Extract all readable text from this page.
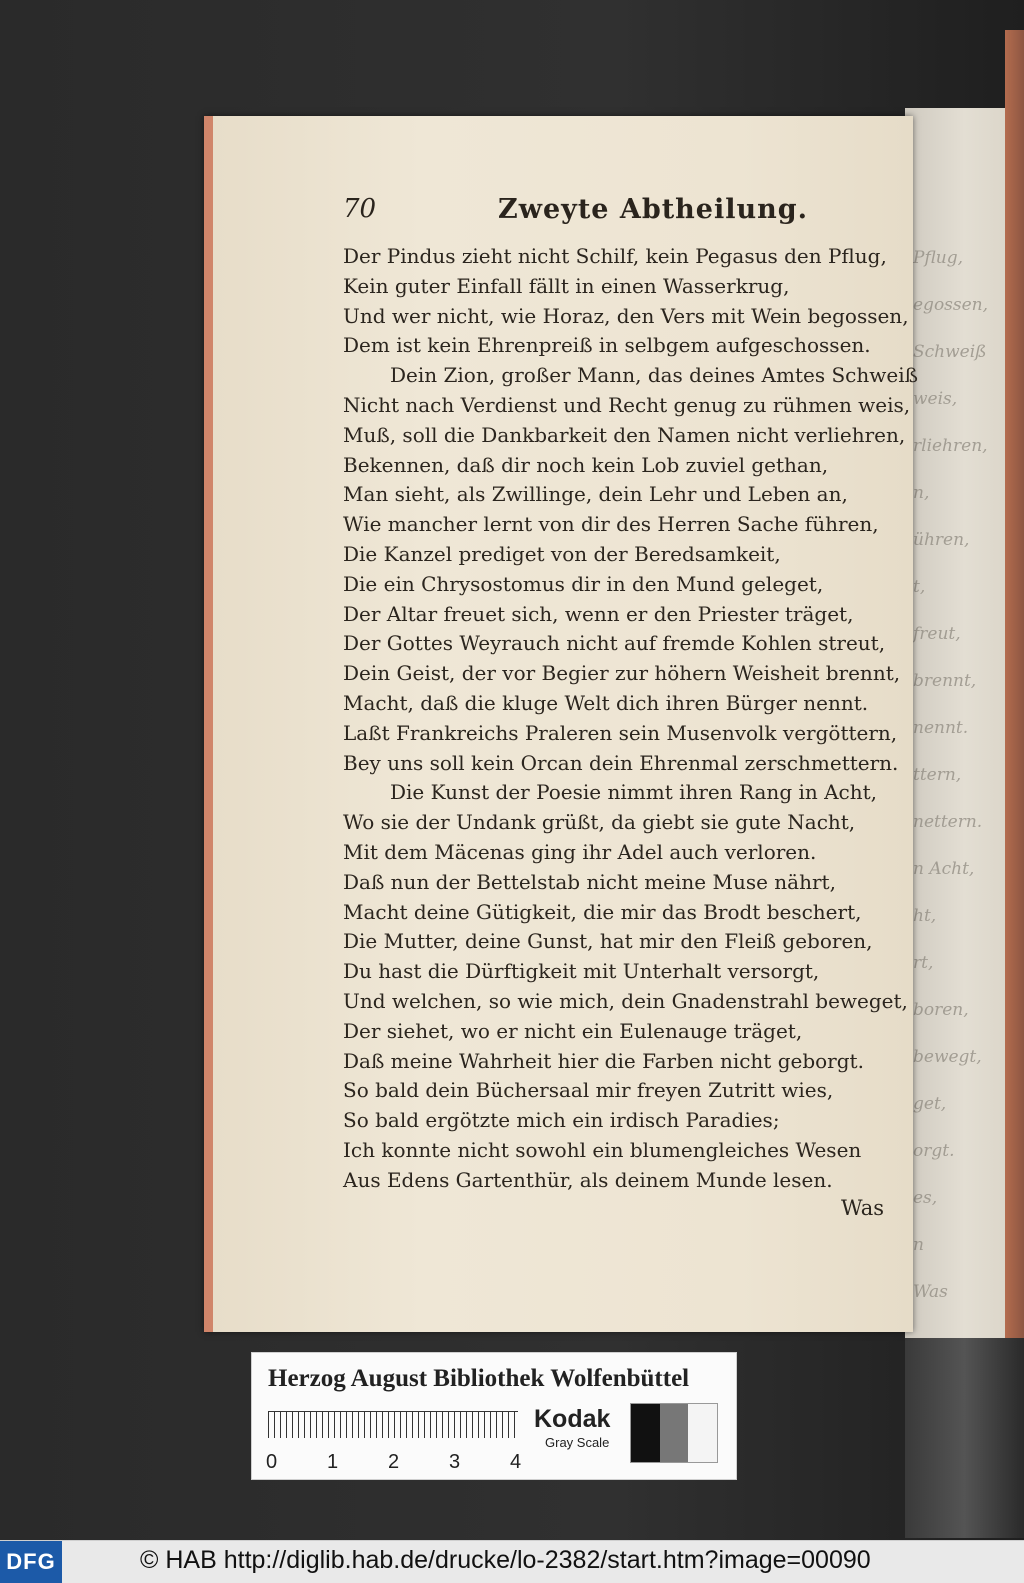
Pflug,
egossen,
Schweiß
weis,
rliehren,
n,
ühren,
t,
freut,
brennt,
nennt.
ttern,
nettern.
n Acht,
ht,
rt,
boren,
bewegt,
get,
orgt.
es,
n
Was
70	Zweyte Abtheilung.
Der Pindus zieht nicht Schilf, kein Pegasus den Pflug,
Kein guter Einfall fällt in einen Wasserkrug,
Und wer nicht, wie Horaz, den Vers mit Wein begossen,
Dem ist kein Ehrenpreiß in selbgem aufgeschossen.
Dein Zion, großer Mann, das deines Amtes Schweiß
Nicht nach Verdienst und Recht genug zu rühmen weis,
Muß, soll die Dankbarkeit den Namen nicht verliehren,
Bekennen, daß dir noch kein Lob zuviel gethan,
Man sieht, als Zwillinge, dein Lehr und Leben an,
Wie mancher lernt von dir des Herren Sache führen,
Die Kanzel prediget von der Beredsamkeit,
Die ein Chrysostomus dir in den Mund geleget,
Der Altar freuet sich, wenn er den Priester träget,
Der Gottes Weyrauch nicht auf fremde Kohlen streut,
Dein Geist, der vor Begier zur höhern Weisheit brennt,
Macht, daß die kluge Welt dich ihren Bürger nennt.
Laßt Frankreichs Praleren sein Musenvolk vergöttern,
Bey uns soll kein Orcan dein Ehrenmal zerschmettern.
Die Kunst der Poesie nimmt ihren Rang in Acht,
Wo sie der Undank grüßt, da giebt sie gute Nacht,
Mit dem Mäcenas ging ihr Adel auch verloren.
Daß nun der Bettelstab nicht meine Muse nährt,
Macht deine Gütigkeit, die mir das Brodt beschert,
Die Mutter, deine Gunst, hat mir den Fleiß geboren,
Du hast die Dürftigkeit mit Unterhalt versorgt,
Und welchen, so wie mich, dein Gnadenstrahl beweget,
Der siehet, wo er nicht ein Eulenauge träget,
Daß meine Wahrheit hier die Farben nicht geborgt.
So bald dein Büchersaal mir freyen Zutritt wies,
So bald ergötzte mich ein irdisch Paradies;
Ich konnte nicht sowohl ein blumengleiches Wesen
Aus Edens Gartenthür, als deinem Munde lesen.
Was
Herzog August Bibliothek Wolfenbüttel
0 1 2 3 4
Kodak
Gray Scale
DFG	© HAB http://diglib.hab.de/drucke/lo-2382/start.htm?image=00090
